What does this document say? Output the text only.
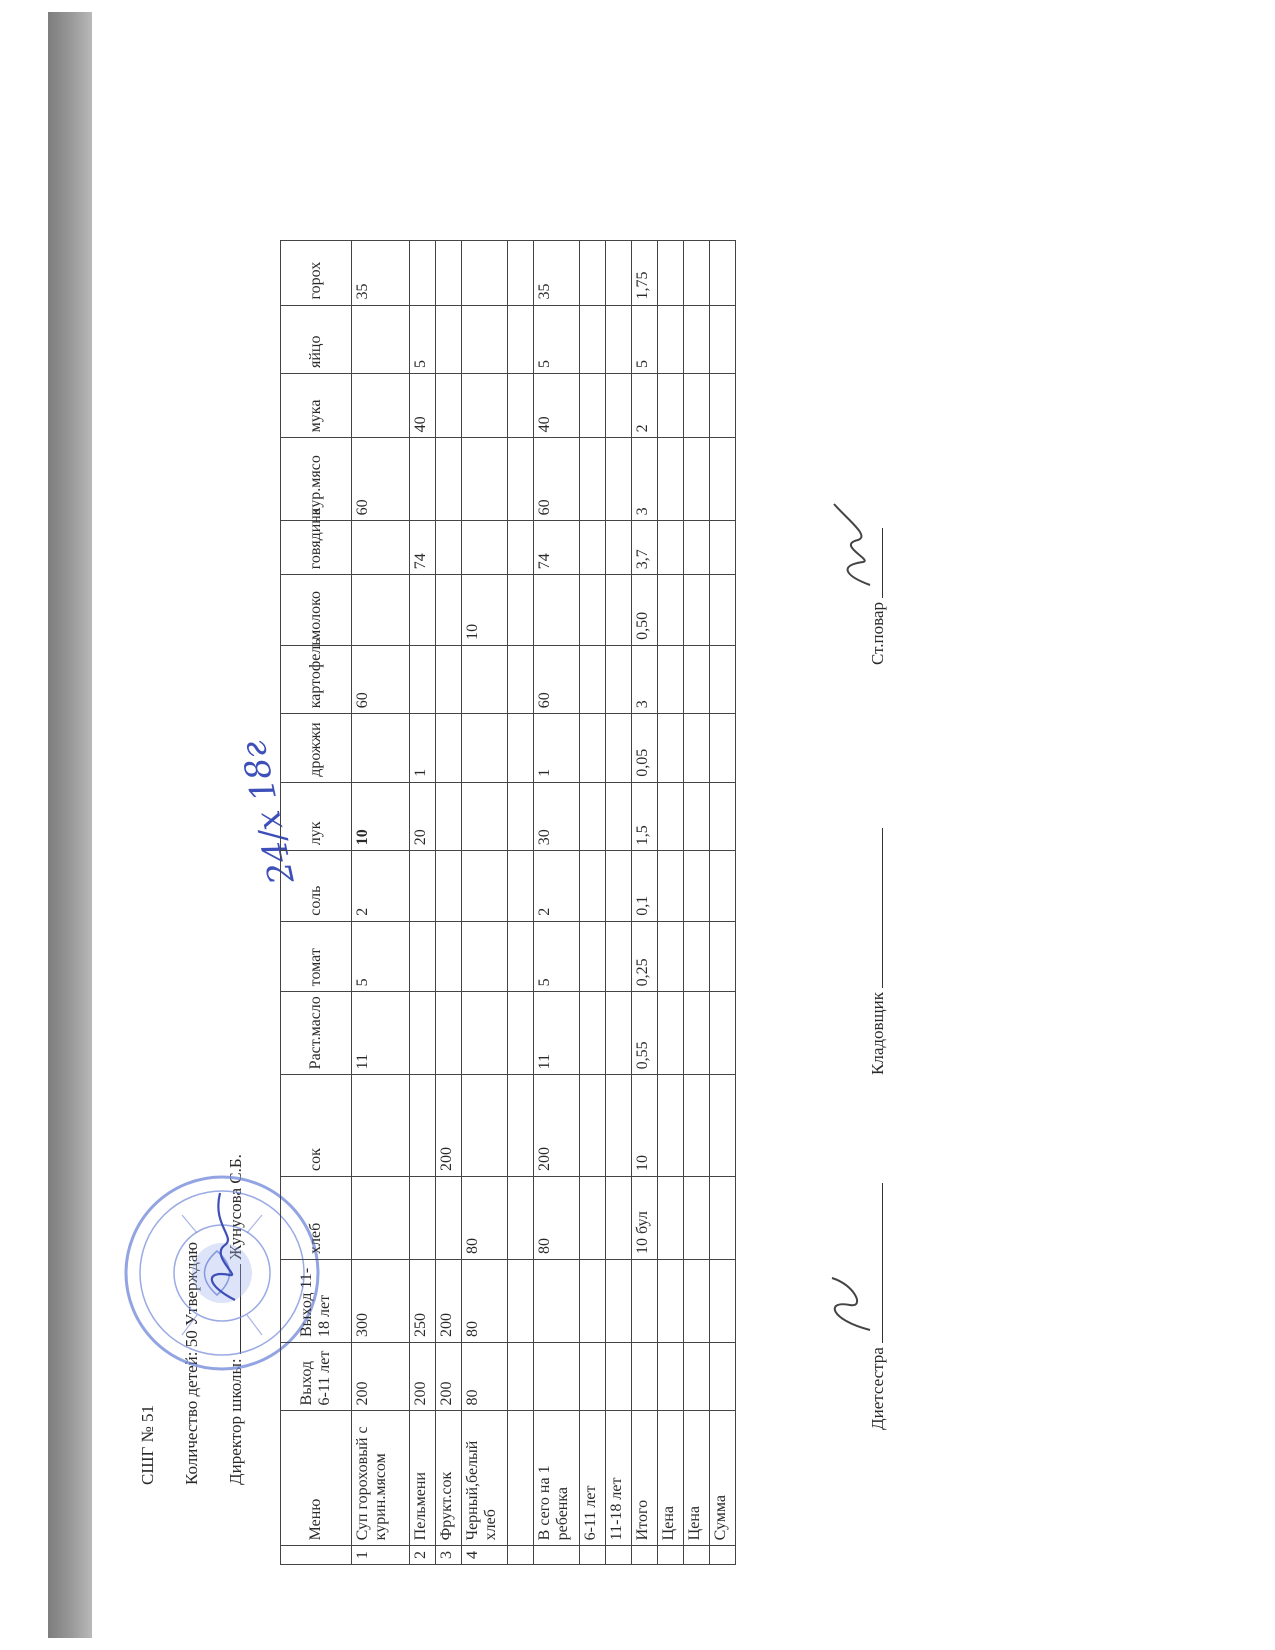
СШГ № 51 Количество детей: 50 Утверждаю
Директор школы:  Жунусова С.Б.
24/x 18г
	Меню	Выход 6-11 лет	Выход 11-18 лет	хлеб	сок	Раст.масло	томат	соль	лук	дрожжи	картофель	молоко	говядина	кур.мясо	мука	яйцо	горох
1	Суп гороховый с курин.мясом	200	300			11	5	2	10		60			60			35
2	Пельмени	200	250						20	1			74		40	5	
3	Фрукт.сок	200	200		200												
4	Черный,белый хлеб	80	80	80								10					

	В сего на 1 ребенка			80	200	11	5	2	30	1	60		74	60	40	5	35
	6-11 лет																
	11-18 лет																
	Итого			10 бул	10	0,55	0,25	0,1	1,5	0,05	3	0,50	3,7	3	2	5	1,75
	Цена																
	Цена																
	Сумма																
Диетсестра
Кладовщик
Ст.повар
